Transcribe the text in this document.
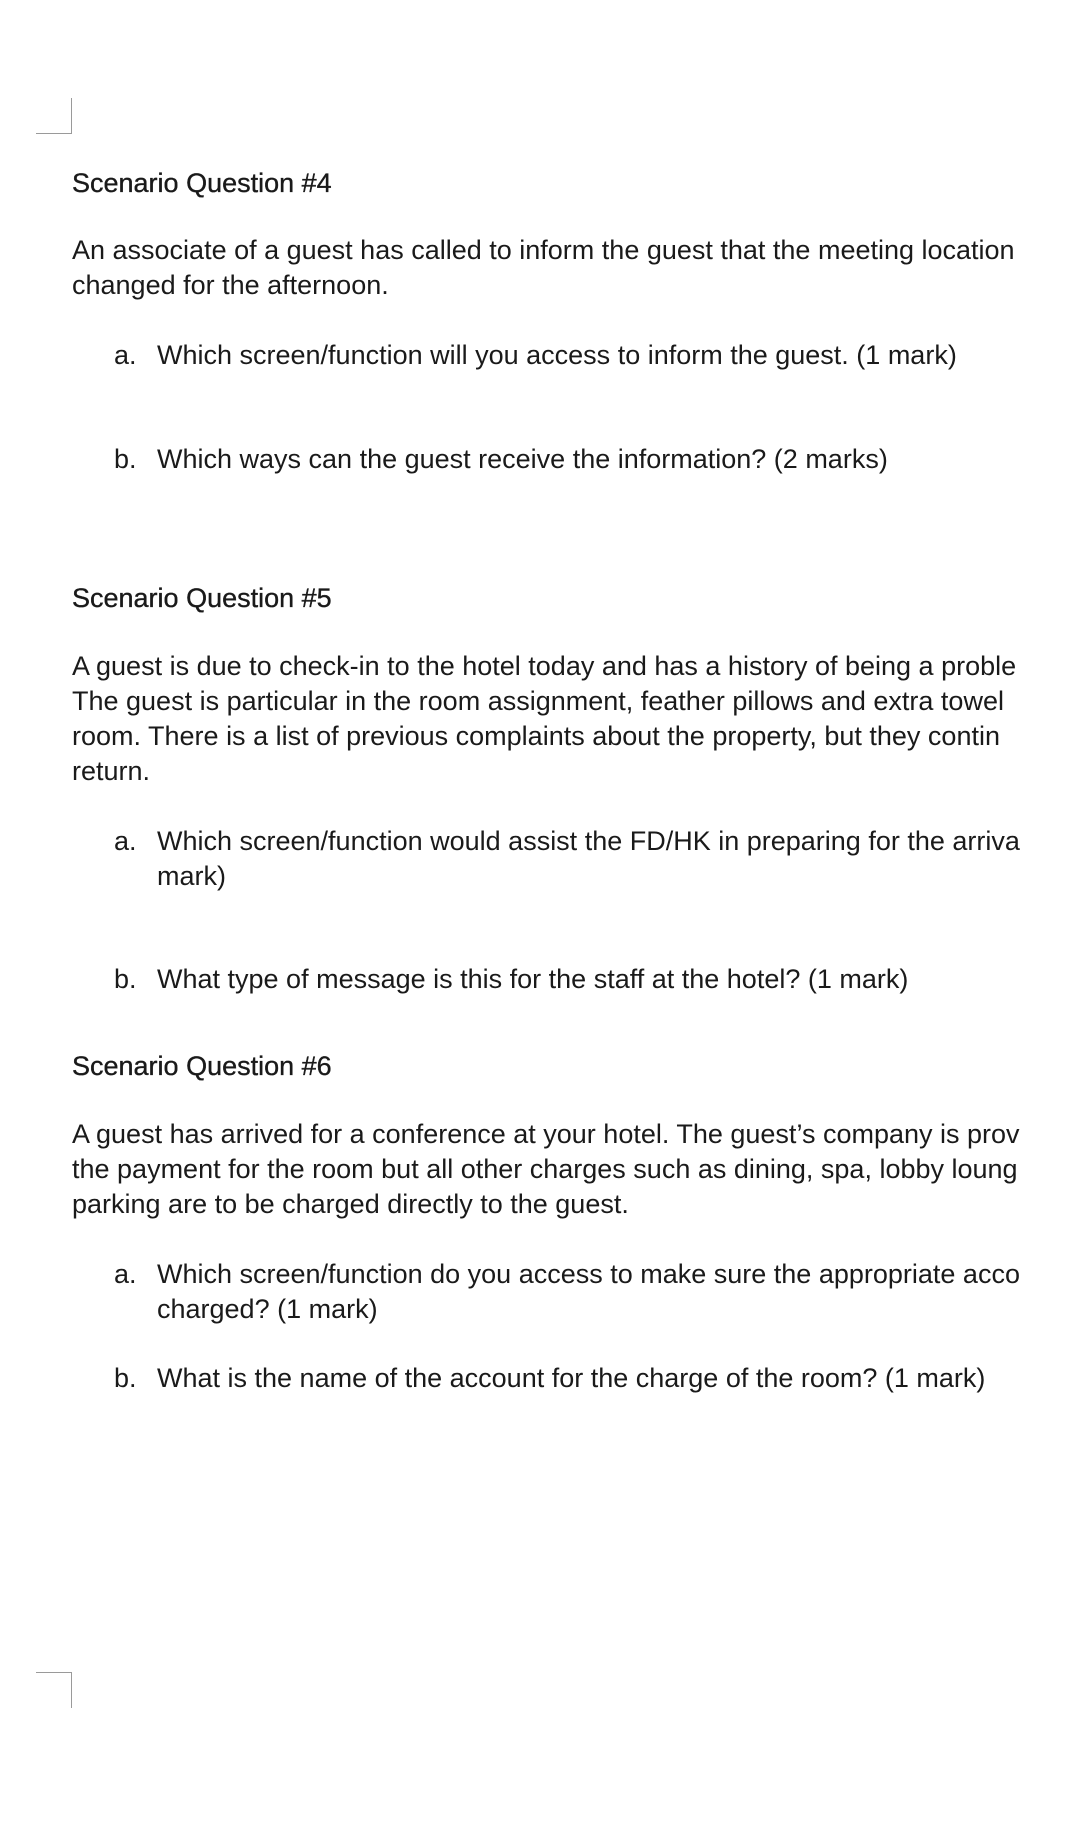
Scenario Question #4

An associate of a guest has called to inform the guest that the meeting location
changed for the afternoon.

a. Which screen/function will you access to inform the guest. (1 mark)
b. Which ways can the guest receive the information? (2 marks)
Scenario Question #5

A guest is due to check-in to the hotel today and has a history of being a proble
The guest is particular in the room assignment, feather pillows and extra towel
room. There is a list of previous complaints about the property, but they contin
return.

a. Which screen/function would assist the FD/HK in preparing for the arriva
mark)
b. What type of message is this for the staff at the hotel? (1 mark)
Scenario Question #6

A guest has arrived for a conference at your hotel. The guest’s company is prov
the payment for the room but all other charges such as dining, spa, lobby loung
parking are to be charged directly to the guest.

a. Which screen/function do you access to make sure the appropriate acco
charged? (1 mark)
b. What is the name of the account for the charge of the room? (1 mark)
